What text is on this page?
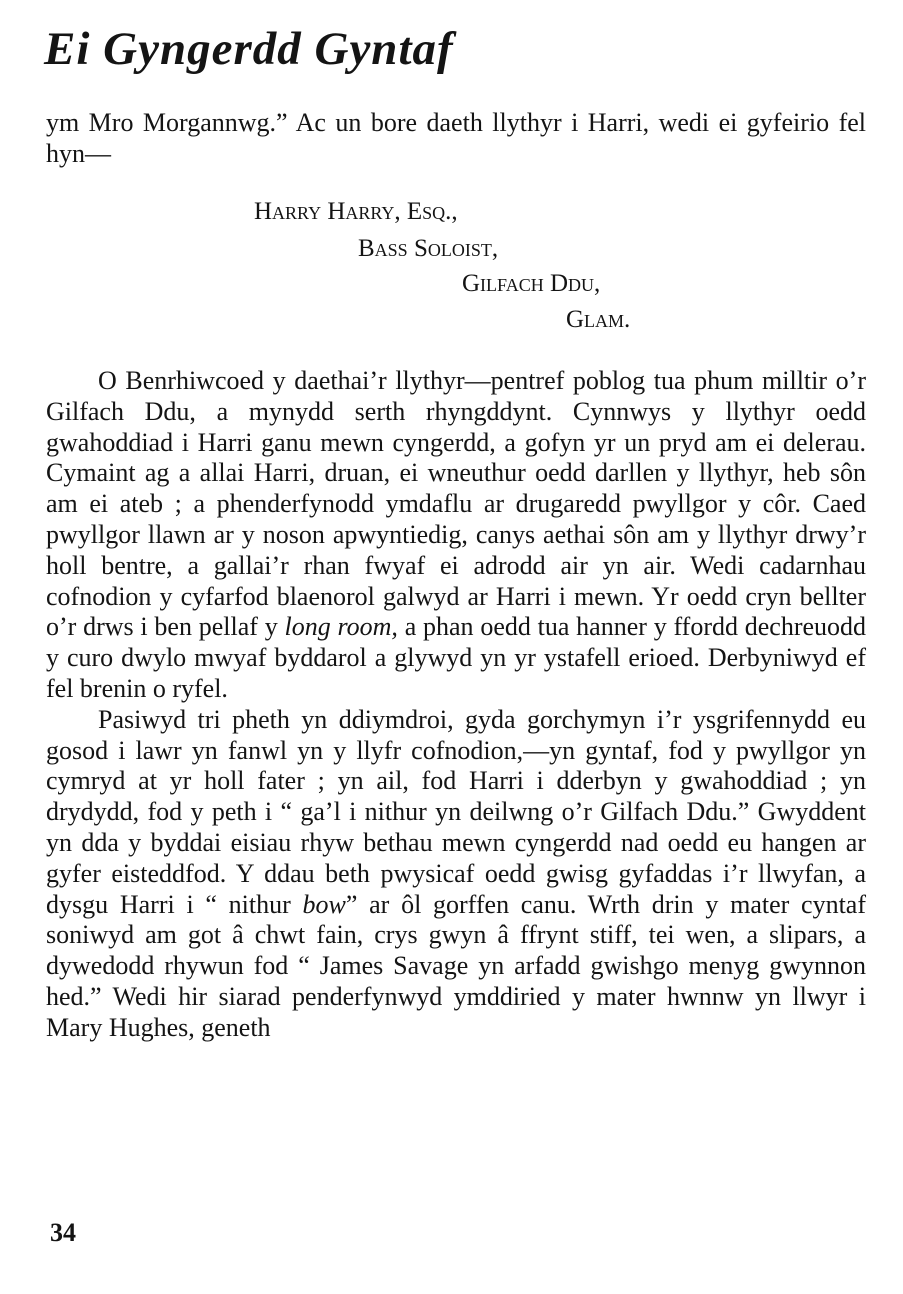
Ei Gyngerdd Gyntaf

ym Mro Morgannwg.” Ac un bore daeth llythyr i Harri, wedi ei gyfeirio fel hyn—

Harry Harry, Esq.,
Bass Soloist,
Gilfach Ddu,
Glam.

O Benrhiwcoed y daethai’r llythyr—pentref poblog tua phum milltir o’r Gilfach Ddu, a mynydd serth rhyngddynt. Cynnwys y llythyr oedd gwahoddiad i Harri ganu mewn cyngerdd, a gofyn yr un pryd am ei delerau. Cymaint ag a allai Harri, druan, ei wneuthur oedd darllen y llythyr, heb sôn am ei ateb ; a phenderfynodd ymdaflu ar drugaredd pwyllgor y côr. Caed pwyllgor llawn ar y noson apwyntiedig, canys aethai sôn am y llythyr drwy’r holl bentre, a gallai’r rhan fwyaf ei adrodd air yn air. Wedi cadarnhau cofnodion y cyfarfod blaenorol galwyd ar Harri i mewn. Yr oedd cryn bellter o’r drws i ben pellaf y long room, a phan oedd tua hanner y ffordd dechreuodd y curo dwylo mwyaf byddarol a glywyd yn yr ystafell erioed. Derbyniwyd ef fel brenin o ryfel.

Pasiwyd tri pheth yn ddiymdroi, gyda gorchymyn i’r ysgrifennydd eu gosod i lawr yn fanwl yn y llyfr cofnodion,—yn gyntaf, fod y pwyllgor yn cymryd at yr holl fater ; yn ail, fod Harri i dderbyn y gwahoddiad ; yn drydydd, fod y peth i “ ga’l i nithur yn deilwng o’r Gilfach Ddu.” Gwyddent yn dda y byddai eisiau rhyw bethau mewn cyngerdd nad oedd eu hangen ar gyfer eisteddfod. Y ddau beth pwysicaf oedd gwisg gyfaddas i’r llwyfan, a dysgu Harri i “ nithur bow” ar ôl gorffen canu. Wrth drin y mater cyntaf soniwyd am got â chwt fain, crys gwyn â ffrynt stiff, tei wen, a slipars, a dywedodd rhywun fod “ James Savage yn arfadd gwishgo menyg gwynnon hed.” Wedi hir siarad penderfynwyd ymddiried y mater hwnnw yn llwyr i Mary Hughes, geneth

34
